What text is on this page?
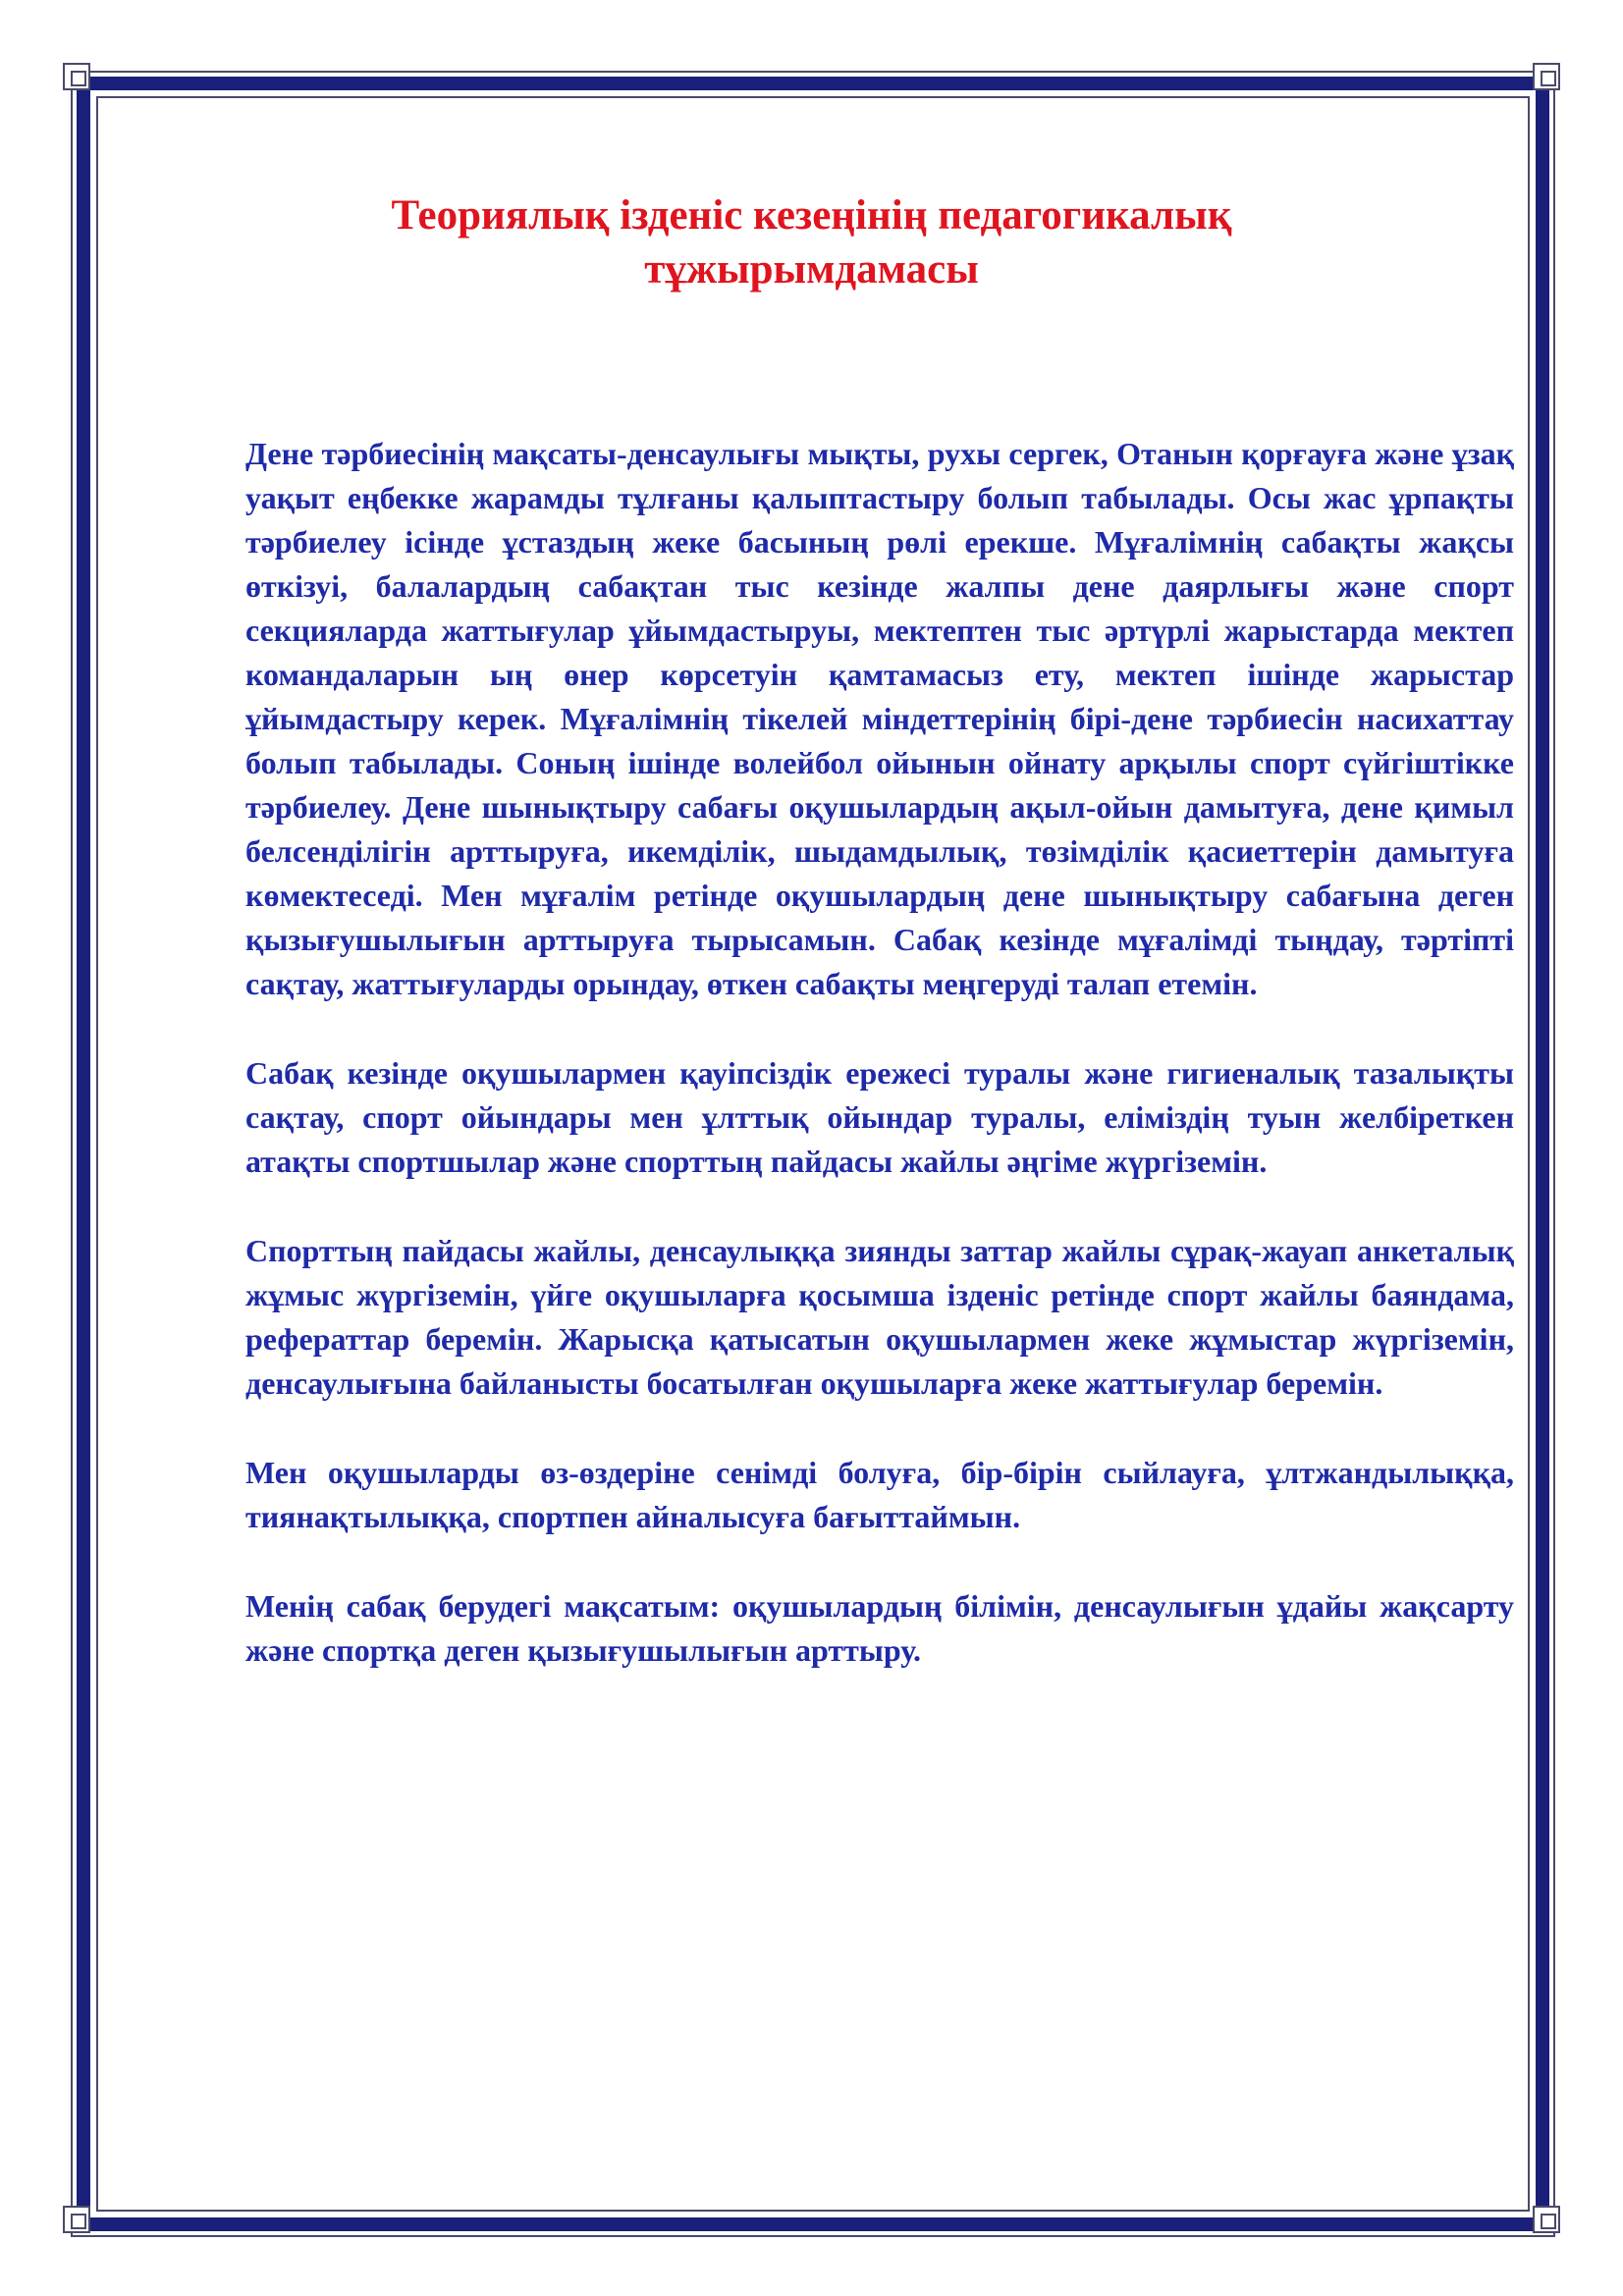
Теориялық ізденіс кезеңінің педагогикалық
тұжырымдамасы

Дене тәрбиесінің мақсаты-денсаулығы мықты, рухы сергек, Отанын қорғауға және ұзақ уақыт еңбекке жарамды тұлғаны қалыптастыру болып табылады. Осы жас ұрпақты тәрбиелеу ісінде ұстаздың жеке басының рөлі ерекше. Мұғалімнің сабақты жақсы өткізуі, балалардың сабақтан тыс кезінде жалпы дене даярлығы және спорт секцияларда жаттығулар ұйымдастыруы, мектептен тыс әртүрлі жарыстарда мектеп командаларын ың өнер көрсетуін қамтамасыз ету, мектеп ішінде жарыстар ұйымдастыру керек. Мұғалімнің тікелей міндеттерінің бірі-дене тәрбиесін насихаттау болып табылады. Соның ішінде волейбол ойынын ойнату арқылы спорт сүйгіштікке тәрбиелеу. Дене шынықтыру сабағы оқушылардың ақыл-ойын дамытуға, дене қимыл белсенділігін арттыруға, икемділік, шыдамдылық, төзімділік қасиеттерін дамытуға көмектеседі. Мен мұғалім ретінде оқушылардың дене шынықтыру сабағына деген қызығушылығын арттыруға тырысамын. Сабақ кезінде мұғалімді тыңдау, тәртіпті сақтау, жаттығуларды орындау, өткен сабақты меңгеруді талап етемін.

Сабақ кезінде оқушылармен қауіпсіздік ережесі туралы және гигиеналық тазалықты сақтау, спорт ойындары мен ұлттық ойындар туралы, еліміздің туын желбіреткен атақты спортшылар және спорттың пайдасы жайлы әңгіме жүргіземін.

Спорттың пайдасы жайлы, денсаулыққа зиянды заттар жайлы сұрақ-жауап анкеталық жұмыс жүргіземін, үйге оқушыларға қосымша ізденіс ретінде спорт жайлы баяндама, рефераттар беремін. Жарысқа қатысатын оқушылармен жеке жұмыстар жүргіземін, денсаулығына байланысты босатылған оқушыларға жеке жаттығулар беремін.

Мен оқушыларды өз-өздеріне сенімді болуға, бір-бірін сыйлауға, ұлтжандылыққа, тиянақтылыққа, спортпен айналысуға бағыттаймын.

Менің сабақ берудегі мақсатым: оқушылардың білімін, денсаулығын ұдайы жақсарту және спортқа деген қызығушылығын арттыру.
